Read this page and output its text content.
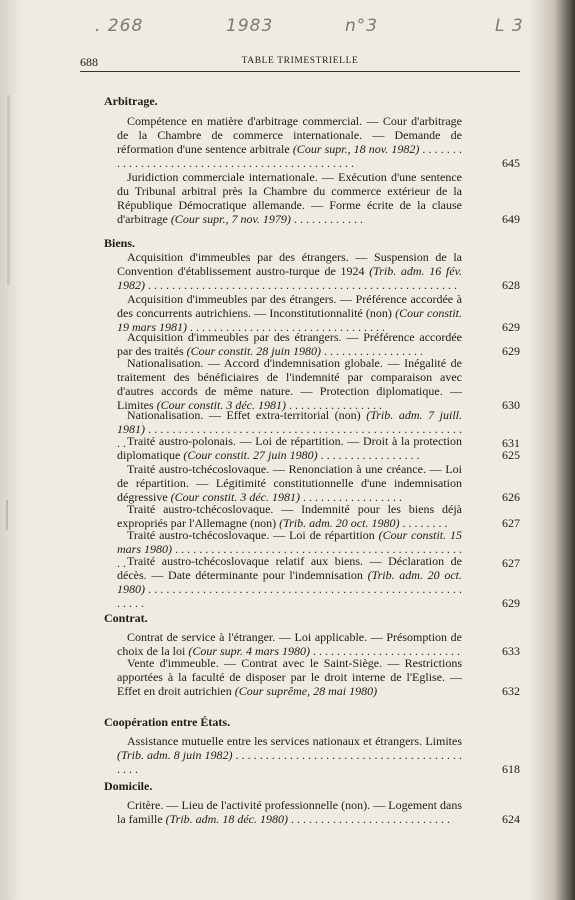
. 268	1983	n°3	L 3
688	TABLE TRIMESTRIELLE
Arbitrage.
Compétence en matière d'arbitrage commercial. — Cour d'arbitrage de la Chambre de commerce internationale. — Demande de réformation d'une sentence arbitrale (Cour supr., 18 nov. 1982) . . . . . . . . . . . . . . . . . . . . . . . . . . . . . . . . . . . . . . . . . . . . . . .	645
Juridiction commerciale internationale. — Exécution d'une sentence du Tribunal arbitral près la Chambre du commerce extérieur de la République Démocratique allemande. — Forme écrite de la clause d'arbitrage (Cour supr., 7 nov. 1979) . . . . . . . . . . . .	649
Biens.
Acquisition d'immeubles par des étrangers. — Suspension de la Convention d'établissement austro-turque de 1924 (Trib. adm. 16 fév. 1982) . . . . . . . . . . . . . . . . . . . . . . . . . . . . . . . . . . . . . . . . . . . . . . . . . . . .	628
Acquisition d'immeubles par des étrangers. — Préférence accordée à des concurrents autrichiens. — Inconstitutionnalité (non) (Cour constit. 19 mars 1981) . . . . . . . . . . . . . . . . . . . . . . . . . . . . . . . . .	629
Acquisition d'immeubles par des étrangers. — Préférence accordée par des traités (Cour constit. 28 juin 1980) . . . . . . . . . . . . . . . . .	629
Nationalisation. — Accord d'indemnisation globale. — Inégalité de traitement des bénéficiaires de l'indemnité par comparaison avec d'autres accords de même nature. — Protection diplomatique. — Limites (Cour constit. 3 déc. 1981) . . . . . . . . . . . . . . . .	630
Nationalisation. — Effet extra-territorial (non) (Trib. adm. 7 juill. 1981) . . . . . . . . . . . . . . . . . . . . . . . . . . . . . . . . . . . . . . . . . . . . . . . . . . . . . .	631
Traité austro-polonais. — Loi de répartition. — Droit à la protection diplomatique (Cour constit. 27 juin 1980) . . . . . . . . . . . . . . . . .	625
Traité austro-tchécoslovaque. — Renonciation à une créance. — Loi de répartition. — Légitimité constitutionnelle d'une indemnisation dégressive (Cour constit. 3 déc. 1981) . . . . . . . . . . . . . . . . .	626
Traité austro-tchécoslovaque. — Indemnité pour les biens déjà expropriés par l'Allemagne (non) (Trib. adm. 20 oct. 1980) . . . . . . . .	627
Traité austro-tchécoslovaque. — Loi de répartition (Cour constit. 15 mars 1980) . . . . . . . . . . . . . . . . . . . . . . . . . . . . . . . . . . . . . . . . . . . . . . . . . .	627
Traité austro-tchécoslovaque relatif aux biens. — Déclaration de décès. — Date déterminante pour l'indemnisation (Trib. adm. 20 oct. 1980) . . . . . . . . . . . . . . . . . . . . . . . . . . . . . . . . . . . . . . . . . . . . . . . . . . . . . . . . .	629
Contrat.
Contrat de service à l'étranger. — Loi applicable. — Présomption de choix de la loi (Cour supr. 4 mars 1980) . . . . . . . . . . . . . . . . . . . . . . . . .	633
Vente d'immeuble. — Contrat avec le Saint-Siège. — Restrictions apportées à la faculté de disposer par le droit interne de l'Eglise. — Effet en droit autrichien (Cour suprême, 28 mai 1980)	632
Coopération entre États.
Assistance mutuelle entre les services nationaux et étrangers. Limites (Trib. adm. 8 juin 1982) . . . . . . . . . . . . . . . . . . . . . . . . . . . . . . . . . . . . . . . . . .	618
Domicile.
Critère. — Lieu de l'activité professionnelle (non). — Logement dans la famille (Trib. adm. 18 déc. 1980) . . . . . . . . . . . . . . . . . . . . . . . . . . .	624
